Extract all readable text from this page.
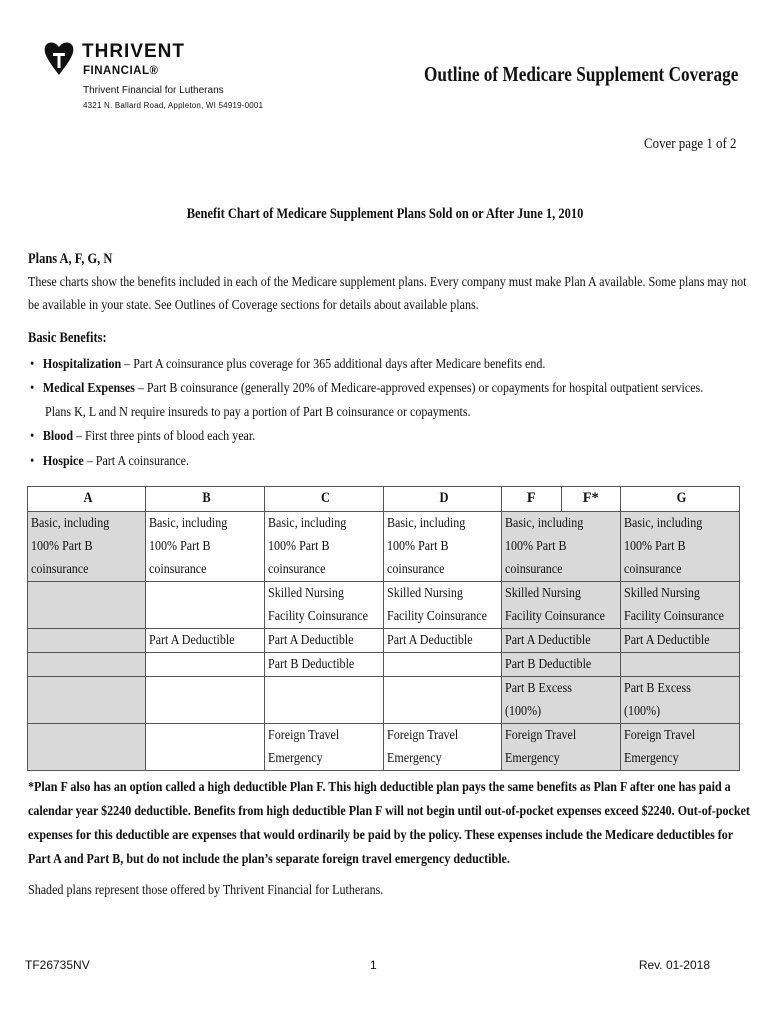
THRIVENT
FINANCIAL®
Thrivent Financial for Lutherans
4321 N. Ballard Road, Appleton, WI 54919-0001
Outline of Medicare Supplement Coverage
Cover page 1 of 2
Benefit Chart of Medicare Supplement Plans Sold on or After June 1, 2010
Plans A, F, G, N
These charts show the benefits included in each of the Medicare supplement plans. Every company must make Plan A available. Some plans may not
be available in your state. See Outlines of Coverage sections for details about available plans.
Basic Benefits:
• Hospitalization – Part A coinsurance plus coverage for 365 additional days after Medicare benefits end.
• Medical Expenses – Part B coinsurance (generally 20% of Medicare-approved expenses) or copayments for hospital outpatient services.
Plans K, L and N require insureds to pay a portion of Part B coinsurance or copayments.
• Blood – First three pints of blood each year.
• Hospice – Part A coinsurance.
A	B	C	D	F F*	G

Basic, including
100% Part B
coinsurance	Basic, including
100% Part B
coinsurance	Basic, including
100% Part B
coinsurance	Basic, including
100% Part B
coinsurance	Basic, including
100% Part B
coinsurance	Basic, including
100% Part B
coinsurance

		Skilled Nursing
Facility Coinsurance	Skilled Nursing
Facility Coinsurance	Skilled Nursing
Facility Coinsurance	Skilled Nursing
Facility Coinsurance

	Part A Deductible	Part A Deductible	Part A Deductible	Part A Deductible	Part A Deductible

		Part B Deductible		Part B Deductible	

				Part B Excess
(100%)	Part B Excess
(100%)

		Foreign Travel
Emergency	Foreign Travel
Emergency	Foreign Travel
Emergency	Foreign Travel
Emergency
*Plan F also has an option called a high deductible Plan F. This high deductible plan pays the same benefits as Plan F after one has paid a
calendar year $2240 deductible. Benefits from high deductible Plan F will not begin until out-of-pocket expenses exceed $2240. Out-of-pocket
expenses for this deductible are expenses that would ordinarily be paid by the policy. These expenses include the Medicare deductibles for
Part A and Part B, but do not include the plan’s separate foreign travel emergency deductible.
Shaded plans represent those offered by Thrivent Financial for Lutherans.
TF26735NV	1	Rev. 01-2018
